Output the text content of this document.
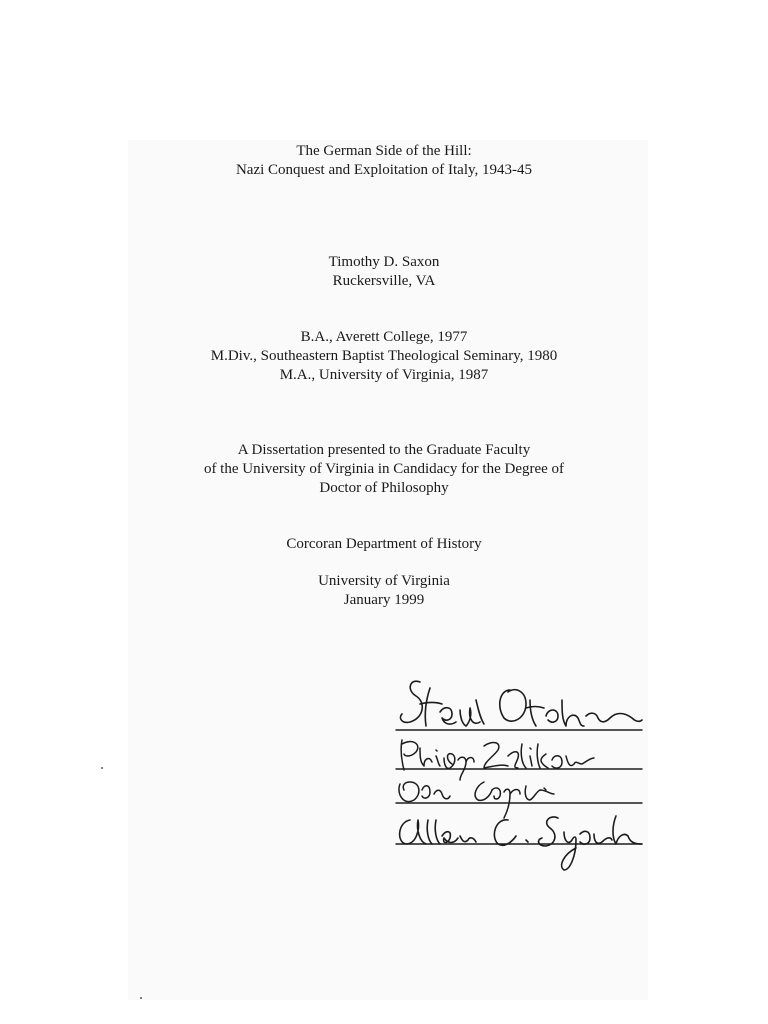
The German Side of the Hill:
Nazi Conquest and Exploitation of Italy, 1943-45
Timothy D. Saxon
Ruckersville, VA
B.A., Averett College, 1977
M.Div., Southeastern Baptist Theological Seminary, 1980
M.A., University of Virginia, 1987
A Dissertation presented to the Graduate Faculty
of the University of Virginia in Candidacy for the Degree of
Doctor of Philosophy
Corcoran Department of History
University of Virginia
January 1999
